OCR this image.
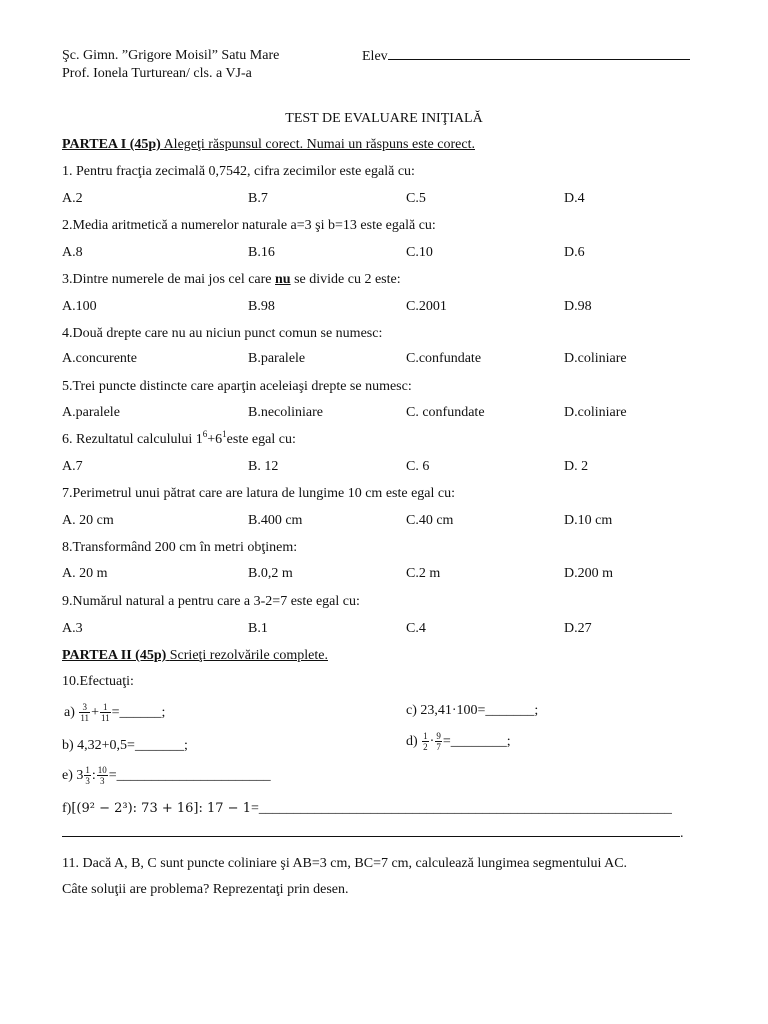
Şc. Gimn. ”Grigore Moisil” Satu Mare	Elev
Prof. Ionela Turturean/ cls. a VJ-a
TEST DE EVALUARE INIŢIALĂ
PARTEA I (45p) Alegeţi răspunsul corect. Numai un răspuns este corect.
1. Pentru fracţia zecimală 0,7542, cifra zecimilor este egală cu:
A.2	B.7	C.5	D.4
2.Media aritmetică a numerelor naturale a=3 şi b=13 este egală cu:
A.8	B.16	C.10	D.6
3.Dintre numerele de mai jos cel care nu se divide cu 2 este:
A.100	B.98	C.2001	D.98
4.Două drepte care nu au niciun punct comun se numesc:
A.concurente	B.paralele	C.confundate	D.coliniare
5.Trei puncte distincte care aparţin aceleiaşi drepte se numesc:
A.paralele	B.necoliniare	C. confundate	D.coliniare
6. Rezultatul calculului $1^6+6^1este$ egal cu:
A.7	B. 12	C. 6	D. 2
7.Perimetrul unui pătrat care are latura de lungime 10 cm este egal cu:
A. 20 cm	B.400 cm	C.40 cm	D.10 cm
8.Transformând 200 cm în metri obţinem:
A. 20 m	B.0,2 m	C.2 m	D.200 m
9.Numărul natural a pentru care a 3-2=7 este egal cu:
A.3	B.1	C.4	D.27
PARTEA II (45p) Scrieţi rezolvările complete.
10.Efectuaţi:
$a) \frac{3}{11} + \frac{1}{11}$ =______;	c) 23,41·100=_______;
b) 4,32+0,5=_______;	$d) \frac{1}{2} \cdot \frac{9}{7}$ =________;
e) $3 \frac{1}{3}$ : $\frac{10}{3}$ =______________________
f)[(9² − 2³): 73 + 16]: 17 − 1=___________________________________________________________
.
11. Dacă A, B, C sunt puncte coliniare şi AB=3 cm, BC=7 cm, calculează lungimea segmentului AC.
Câte soluţii are problema? Reprezentaţi prin desen.
